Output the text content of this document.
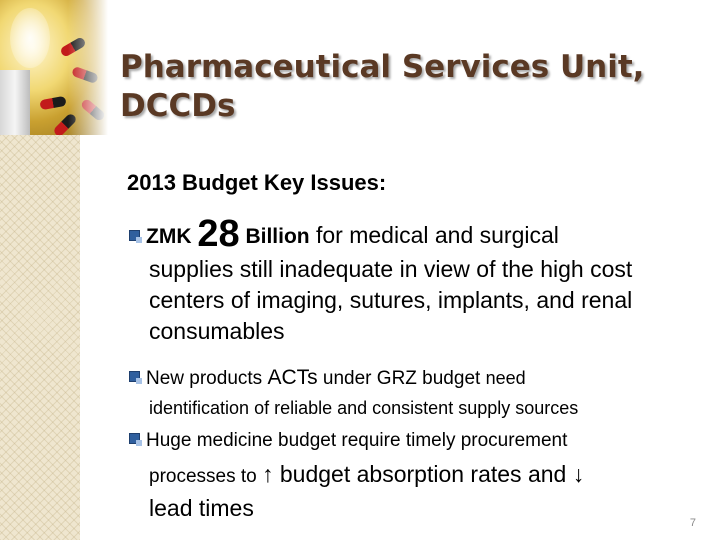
Pharmaceutical Services Unit,
DCCDs
2013 Budget Key Issues:
ZMK 28 Billion for medical and surgical
supplies still inadequate in view of the high cost centers of imaging, sutures, implants, and renal consumables
New products ACTs under GRZ budget need
identification of reliable and consistent supply sources
Huge medicine budget require timely procurement
processes to ↑ budget absorption rates and ↓
lead times
7
